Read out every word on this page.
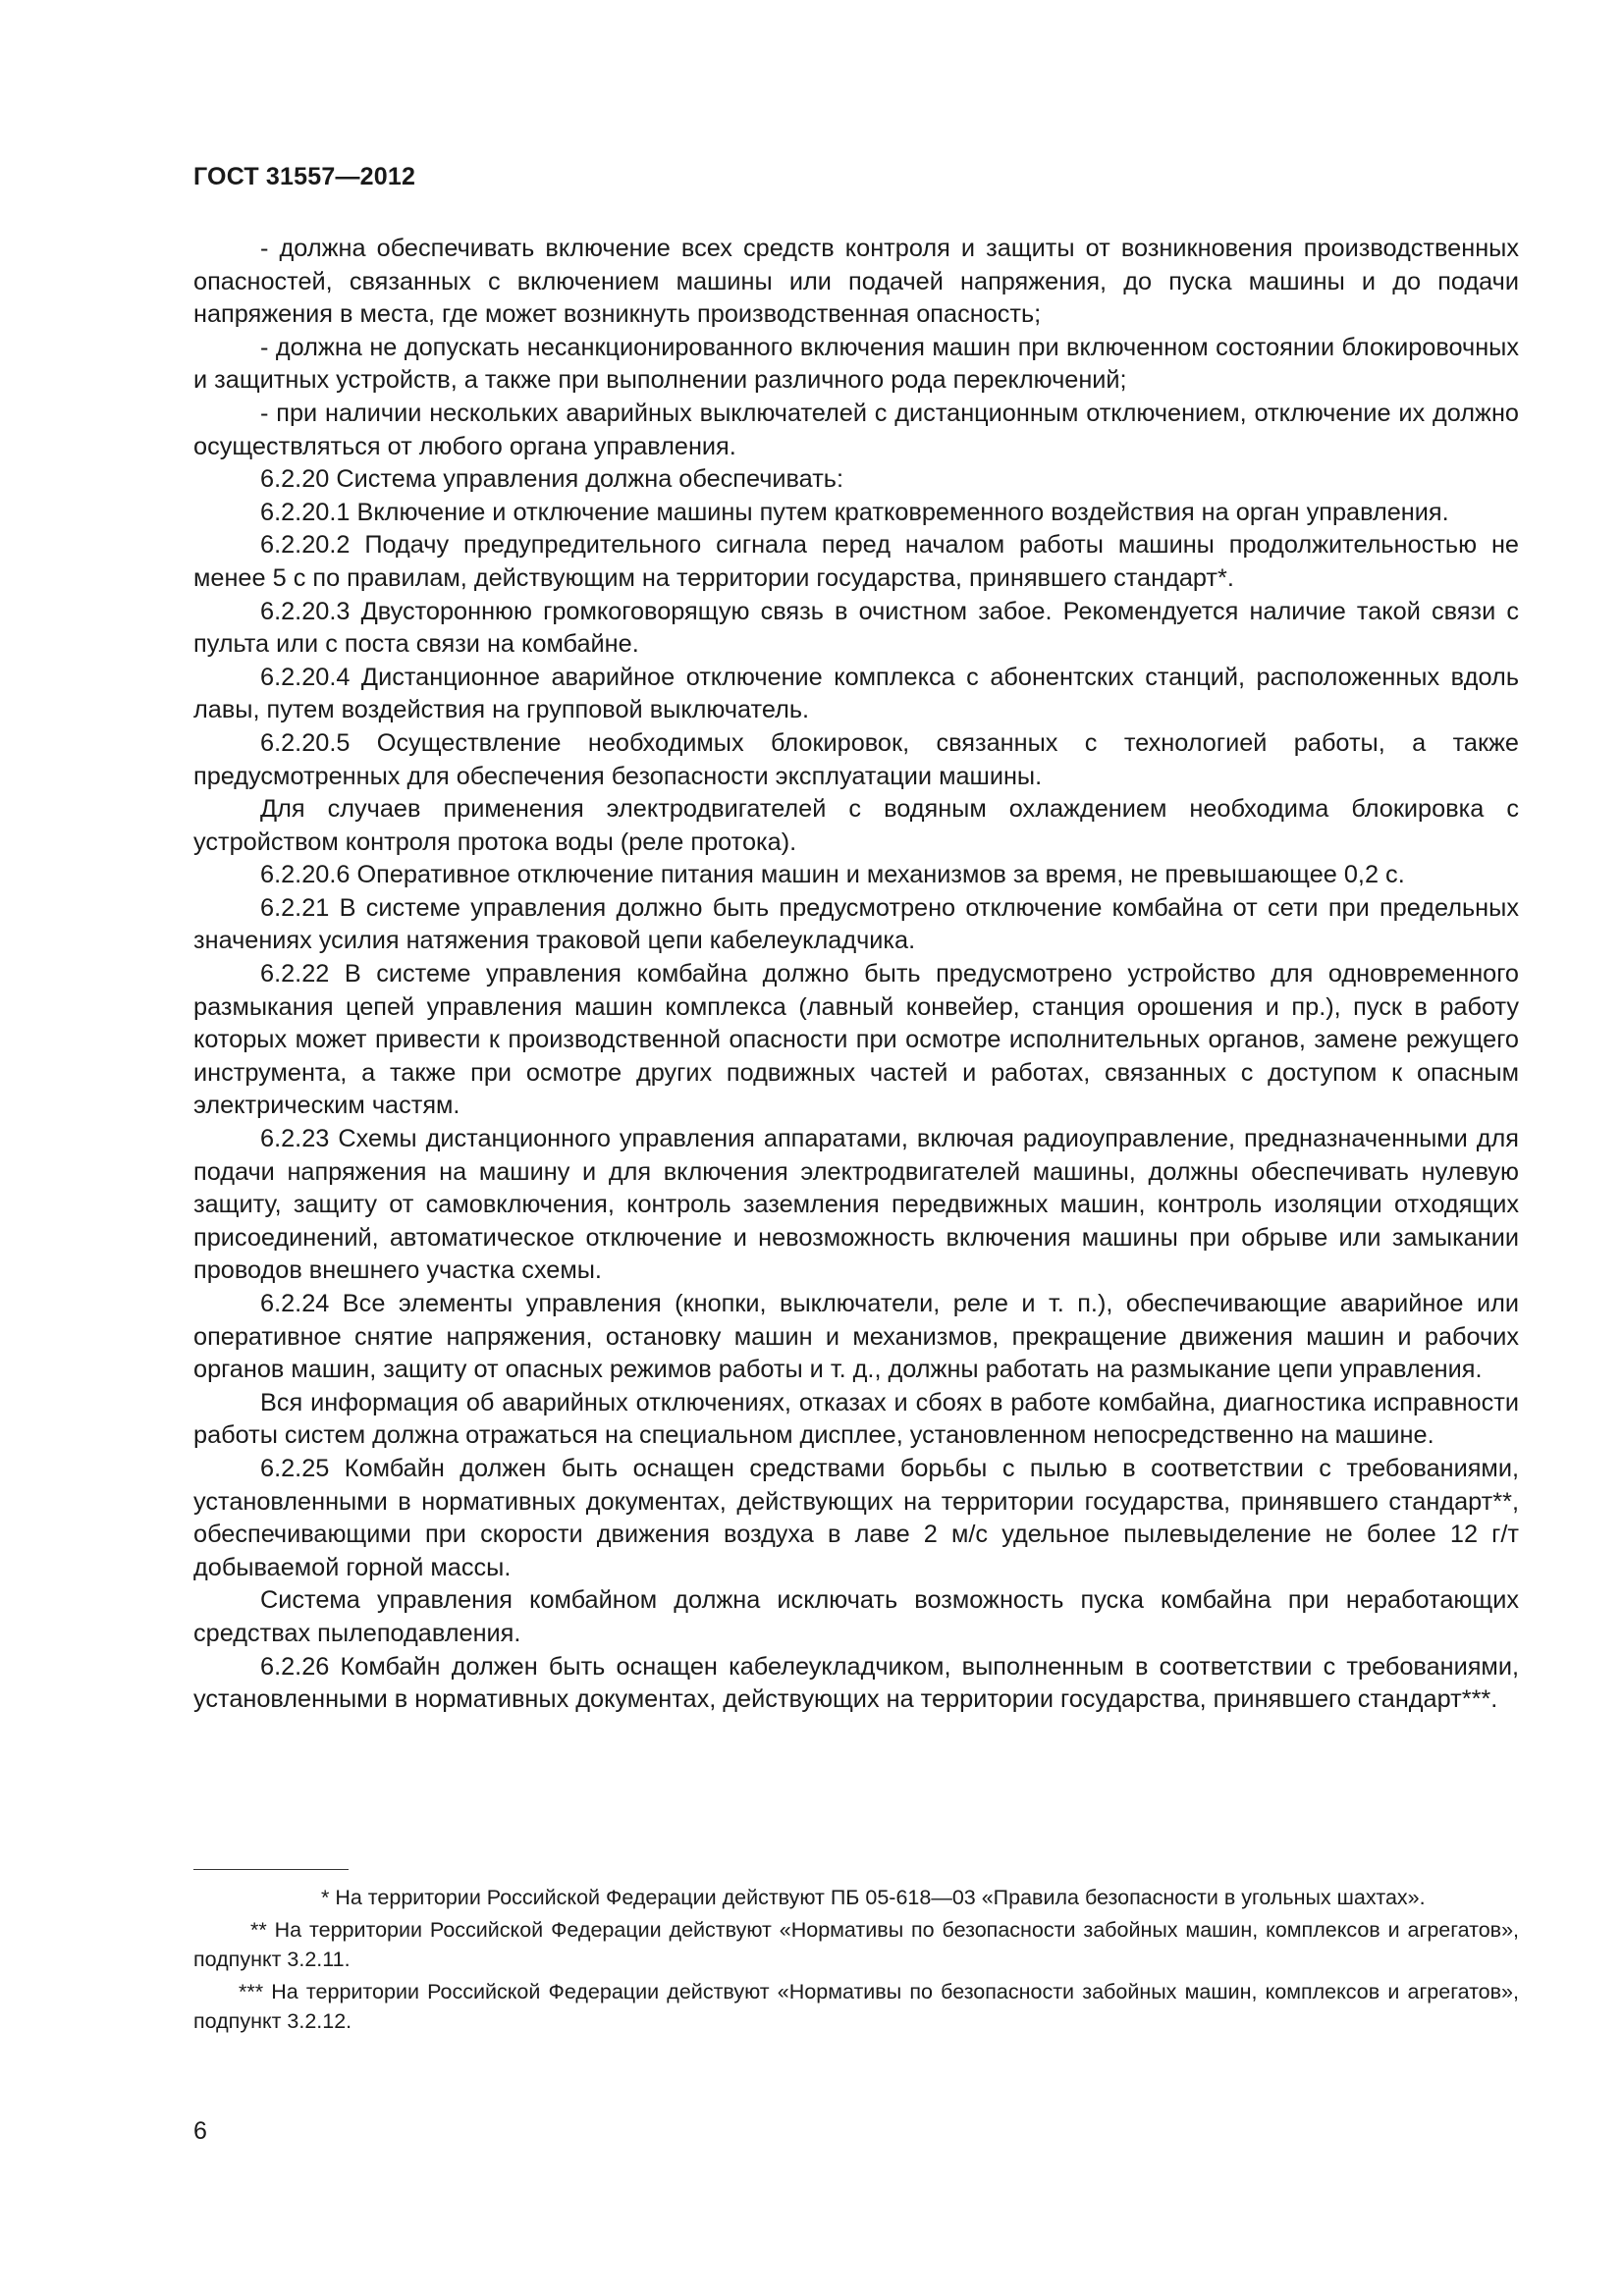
ГОСТ 31557—2012

- должна обеспечивать включение всех средств контроля и защиты от возникновения производственных опасностей, связанных с включением машины или подачей напряжения, до пуска машины и до подачи напряжения в места, где может возникнуть производственная опасность;

- должна не допускать несанкционированного включения машин при включенном состоянии блокировочных и защитных устройств, а также при выполнении различного рода переключений;

- при наличии нескольких аварийных выключателей с дистанционным отключением, отключение их должно осуществляться от любого органа управления.

6.2.20 Система управления должна обеспечивать:

6.2.20.1 Включение и отключение машины путем кратковременного воздействия на орган управления.

6.2.20.2 Подачу предупредительного сигнала перед началом работы машины продолжительностью не менее 5 с по правилам, действующим на территории государства, принявшего стандарт*.

6.2.20.3 Двустороннюю громкоговорящую связь в очистном забое. Рекомендуется наличие такой связи с пульта или с поста связи на комбайне.

6.2.20.4 Дистанционное аварийное отключение комплекса с абонентских станций, расположенных вдоль лавы, путем воздействия на групповой выключатель.

6.2.20.5 Осуществление необходимых блокировок, связанных с технологией работы, а также предусмотренных для обеспечения безопасности эксплуатации машины.

Для случаев применения электродвигателей с водяным охлаждением необходима блокировка с устройством контроля протока воды (реле протока).

6.2.20.6 Оперативное отключение питания машин и механизмов за время, не превышающее 0,2 с.

6.2.21 В системе управления должно быть предусмотрено отключение комбайна от сети при предельных значениях усилия натяжения траковой цепи кабелеукладчика.

6.2.22 В системе управления комбайна должно быть предусмотрено устройство для одновременного размыкания цепей управления машин комплекса (лавный конвейер, станция орошения и пр.), пуск в работу которых может привести к производственной опасности при осмотре исполнительных органов, замене режущего инструмента, а также при осмотре других подвижных частей и работах, связанных с доступом к опасным электрическим частям.

6.2.23 Схемы дистанционного управления аппаратами, включая радиоуправление, предназначенными для подачи напряжения на машину и для включения электродвигателей машины, должны обеспечивать нулевую защиту, защиту от самовключения, контроль заземления передвижных машин, контроль изоляции отходящих присоединений, автоматическое отключение и невозможность включения машины при обрыве или замыкании проводов внешнего участка схемы.

6.2.24 Все элементы управления (кнопки, выключатели, реле и т. п.), обеспечивающие аварийное или оперативное снятие напряжения, остановку машин и механизмов, прекращение движения машин и рабочих органов машин, защиту от опасных режимов работы и т. д., должны работать на размыкание цепи управления.

Вся информация об аварийных отключениях, отказах и сбоях в работе комбайна, диагностика исправности работы систем должна отражаться на специальном дисплее, установленном непосредственно на машине.

6.2.25 Комбайн должен быть оснащен средствами борьбы с пылью в соответствии с требованиями, установленными в нормативных документах, действующих на территории государства, принявшего стандарт**, обеспечивающими при скорости движения воздуха в лаве 2 м/с удельное пылевыделение не более 12 г/т добываемой горной массы.

Система управления комбайном должна исключать возможность пуска комбайна при неработающих средствах пылеподавления.

6.2.26 Комбайн должен быть оснащен кабелеукладчиком, выполненным в соответствии с требованиями, установленными в нормативных документах, действующих на территории государства, принявшего стандарт***.

* На территории Российской Федерации действуют ПБ 05-618—03 «Правила безопасности в угольных шахтах».

** На территории Российской Федерации действуют «Нормативы по безопасности забойных машин, комплексов и агрегатов», подпункт 3.2.11.

*** На территории Российской Федерации действуют «Нормативы по безопасности забойных машин, комплексов и агрегатов», подпункт 3.2.12.

6
